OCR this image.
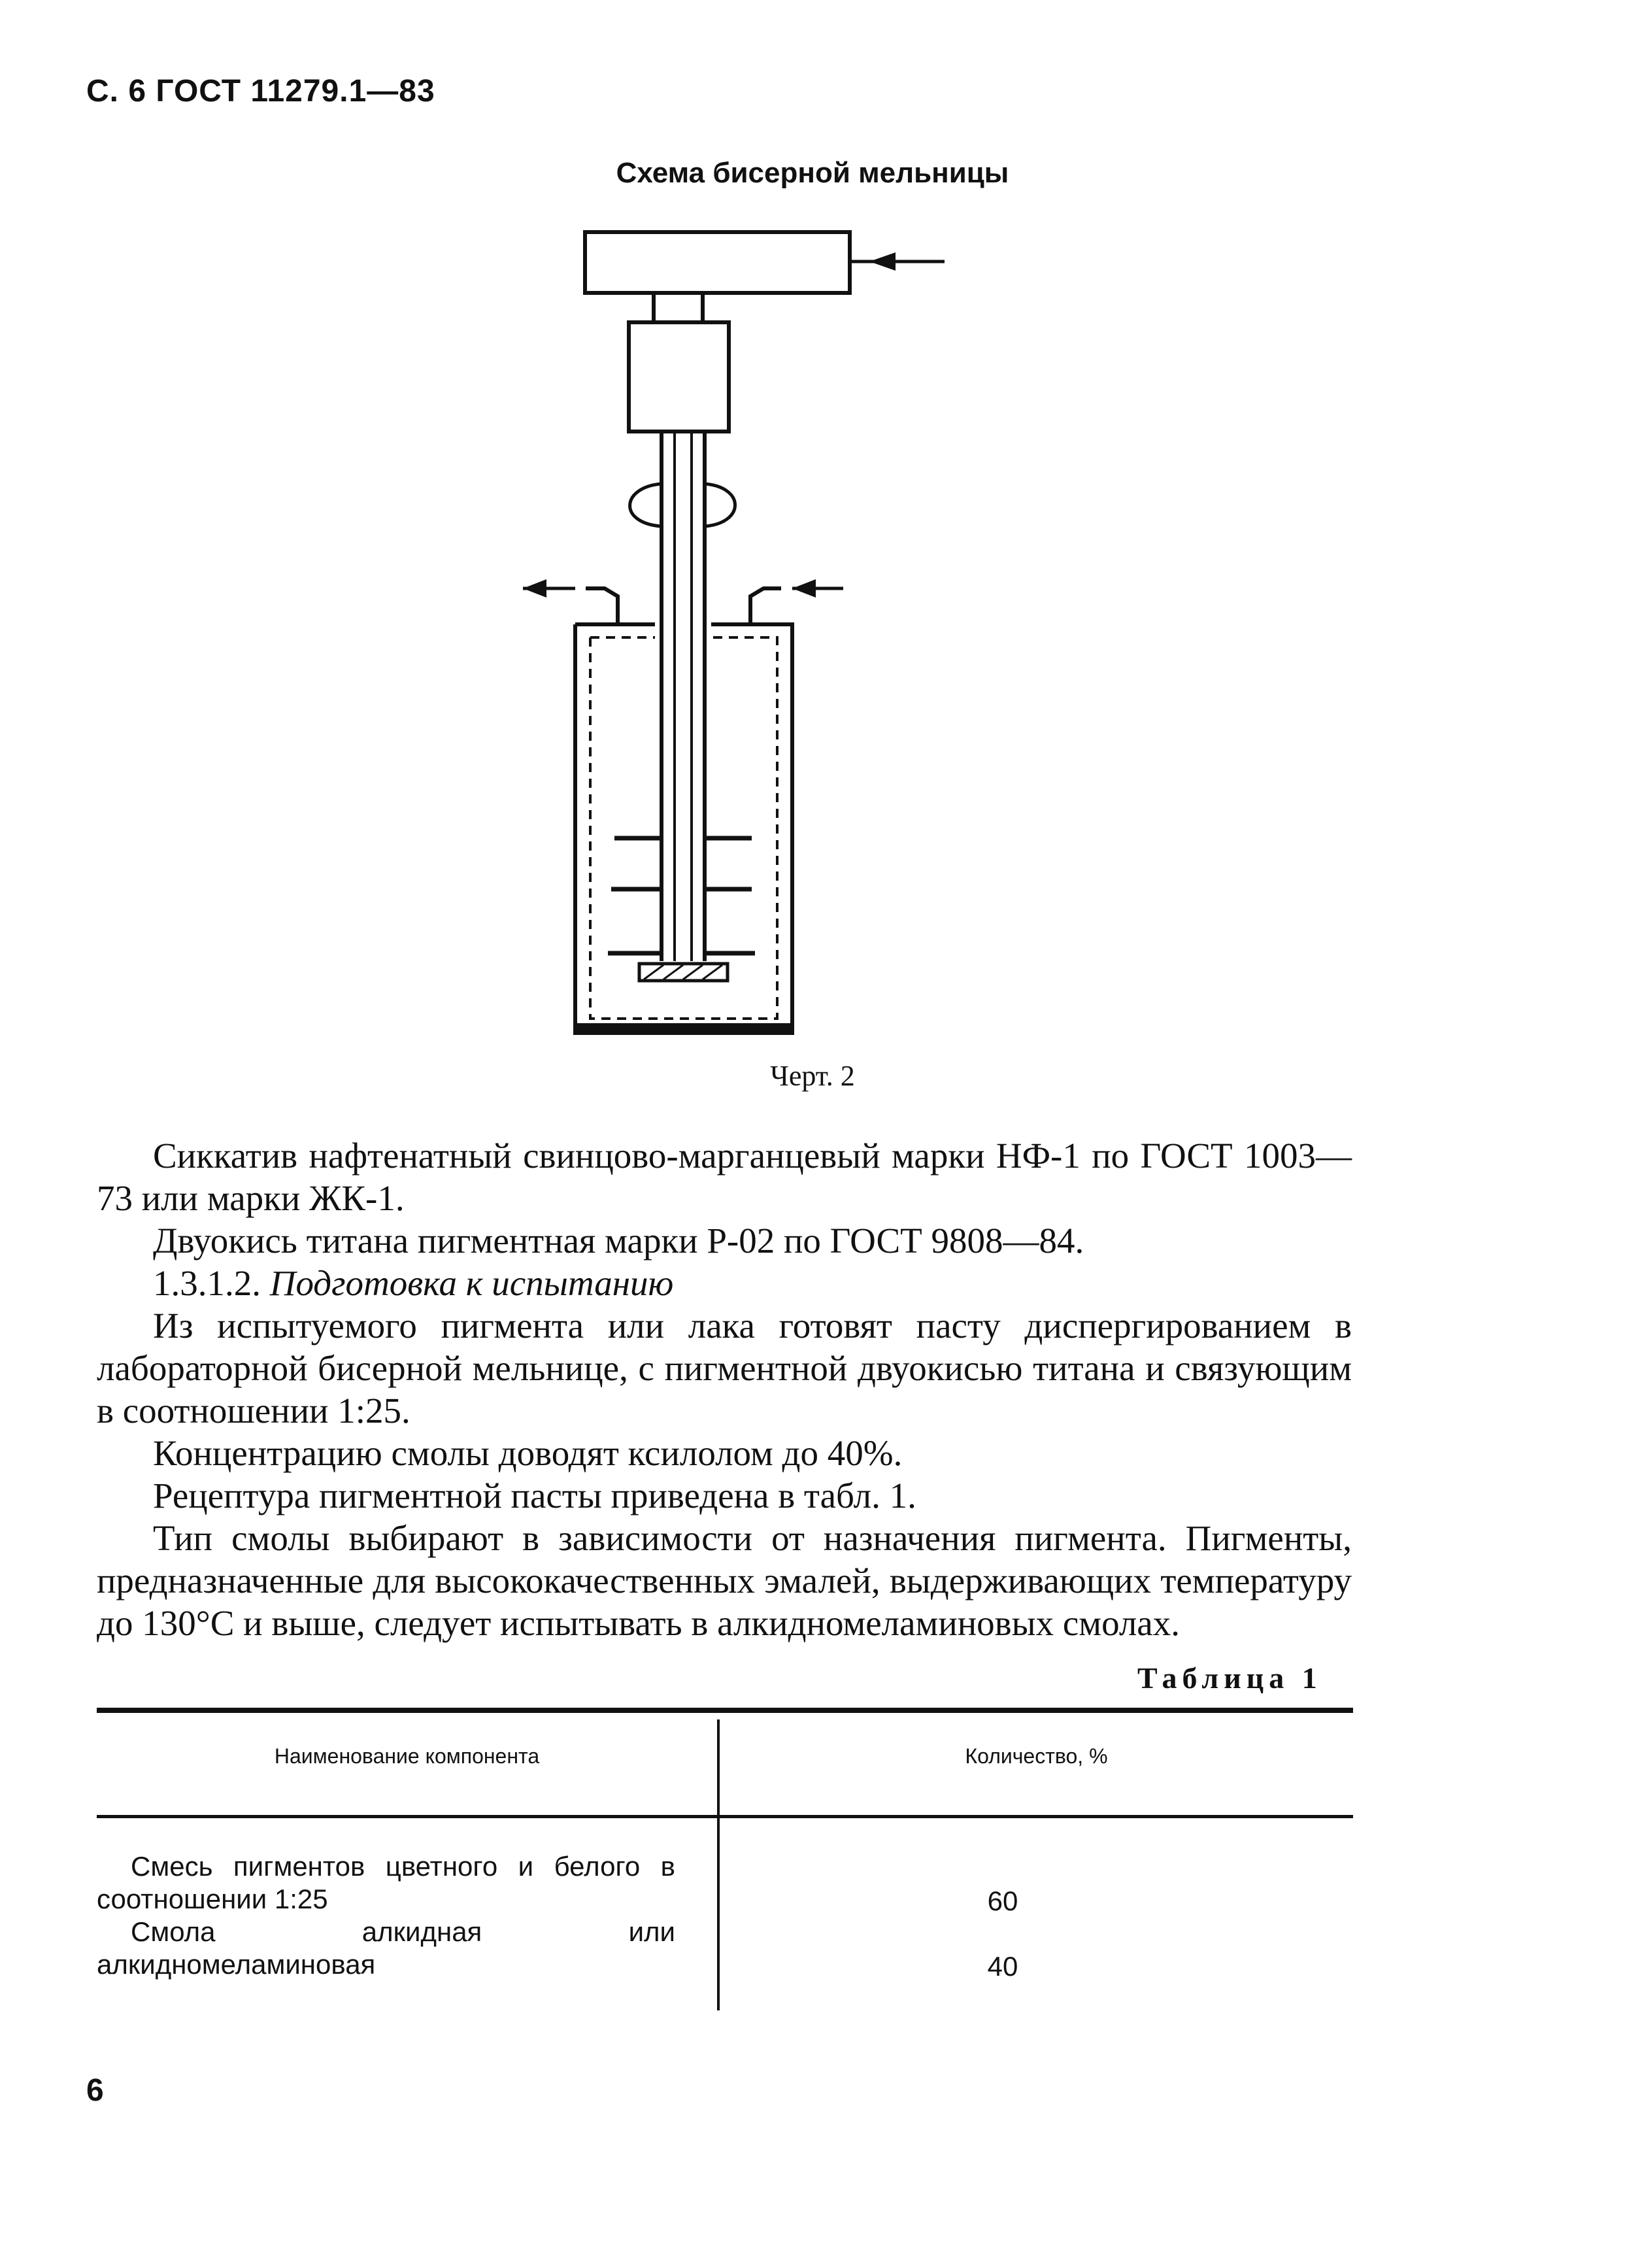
С. 6 ГОСТ 11279.1—83
Схема бисерной мельницы
Черт. 2

Сиккатив нафтенатный свинцово-марганцевый марки НФ-1 по ГОСТ 1003—73 или марки ЖК-1.

Двуокись титана пигментная марки Р-02 по ГОСТ 9808—84.

1.3.1.2. Подготовка к испытанию

Из испытуемого пигмента или лака готовят пасту диспергированием в лабораторной бисерной мельнице, с пигментной двуокисью титана и связующим в соотношении 1:25.

Концентрацию смолы доводят ксилолом до 40%.

Рецептура пигментной пасты приведена в табл. 1.

Тип смолы выбирают в зависимости от назначения пигмента. Пигменты, предназначенные для высококачественных эмалей, выдерживающих температуру до 130°С и выше, следует испытывать в алкидномеламиновых смолах.

Таблица 1
Наименование компонента	Количество, %
Смесь пигментов цветного и белого в соотношении 1:25	60
Смола алкидная или алкидномеламиновая	40
6
